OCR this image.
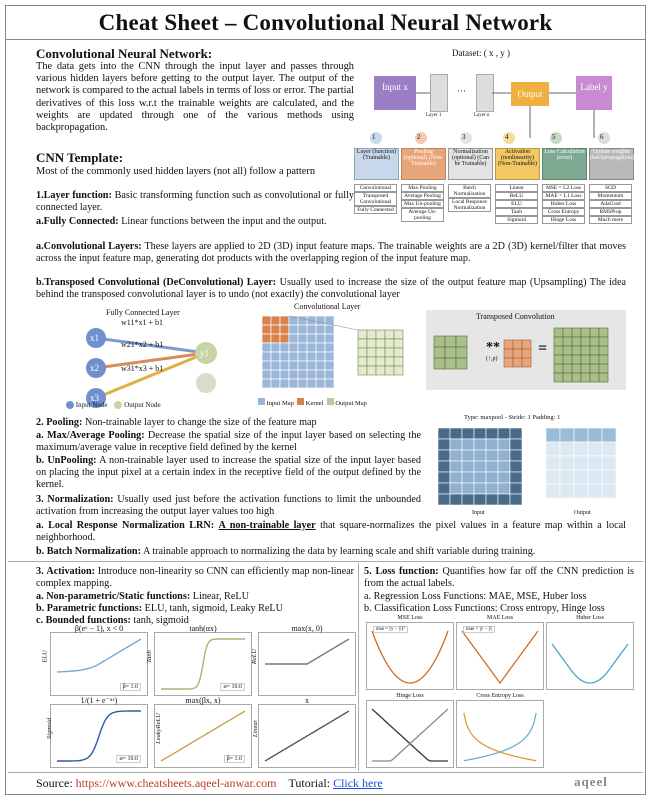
Cheat Sheet – Convolutional Neural Network
Convolutional Neural Network:
The data gets into the CNN through the input layer and passes through various hidden layers before getting to the output layer. The output of the network is compared to the actual labels in terms of loss or error. The partial derivatives of this loss w.r.t the trainable weights are calculated, and the weights are updated through one of the various methods using backpropagation.
Dataset: ( x , y )
Input x	···
Layer 1	Layer n
Output
Label y
1	2	3	4	5	6
Layer (function) (Trainable)
Pooling (optional) (Non-Trainable)
Normalization (optional) (Can be Trainable)
Activation (nonlinearity) (Non-Trainable)
Loss Calculation (error)
Update weights (backpropagation)
Convolutional
Transposed Convolutional
Fully Connected
Max Pooling
Average Pooling
Max Un-pooling
Average Un-pooling
Batch Normalization
Local Response Normalization
Linear
ReLU
ELU
Tanh
Sigmoid
MSE = L2 Loss
MAE = L1 Loss
Huber Loss
Cross Entropy
Hinge Loss
SGD
Momentum
AdaGrad
RMSProp
Much more
CNN Template:
Most of the commonly used hidden layers (not all) follow a pattern
1.Layer function: Basic transforming function such as convolutional or fully connected layer.
a.Fully Connected: Linear functions between the input and the output.
a.Convolutional Layers: These layers are applied to 2D (3D) input feature maps. The trainable weights are a 2D (3D) kernel/filter that moves across the input feature map, generating dot products with the overlapping region of the input feature map.
b.Transposed Convolutional (DeConvolutional) Layer: Usually used to increase the size of the output feature map (Upsampling) The idea behind the transposed convolutional layer is to undo (not exactly) the convolutional layer
Fully Connected Layer
x1
x2
x3
y1
w11*x1 + b1
w21*x2 + b1
w31*x3 + b1
Input Node Output Node
Convolutional Layer
Input Map Kernel Output Map
Transposed Convolution
**
(↑,p)
=
2. Pooling: Non-trainable layer to change the size of the feature map
a. Max/Average Pooling: Decrease the spatial size of the input layer based on selecting the maximum/average value in receptive field defined by the kernel
b. UnPooling: A non-trainable layer used to increase the spatial size of the input layer based on placing the input pixel at a certain index in the receptive field of the output defined by the kernel.
Type: maxpool - Stride: 1 Padding: 1
Input	Output
3. Normalization: Usually used just before the activation functions to limit the unbounded activation from increasing the output layer values too high
a. Local Response Normalization LRN: A non-trainable layer that square-normalizes the pixel values in a feature map within a local neighborhood.
b. Batch Normalization: A trainable approach to normalizing the data by learning scale and shift variable during training.
3. Activation: Introduce non-linearity so CNN can efficiently map non-linear complex mapping.
a. Non-parametric/Static functions: Linear, ReLU
b. Parametric functions: ELU, tanh, sigmoid, Leaky ReLU
c. Bounded functions: tanh, sigmoid
β(eˣ − 1), x < 0
ELU
β= 1.0
tanh(αx)
Tanh
α= 10.0
max(x, 0)
ReLU
1/(1 + e⁻ᵅˣ)
Sigmoid
α= 10.0
max(βx, x)
LeakyReLU
β= 1.0
x
Linear
5. Loss function: Quantifies how far off the CNN prediction is from the actual labels.
a. Regression Loss Functions: MAE, MSE, Huber loss
b. Classification Loss Functions: Cross entropy, Hinge loss
MSE Loss
mse = (y − ŷ)²
MAE Loss
mae = |y − ŷ|
Huber Loss
Hinge Loss	Cross Entropy Loss
Source: https://www.cheatsheets.aqeel-anwar.com Tutorial: Click here	aqeel
